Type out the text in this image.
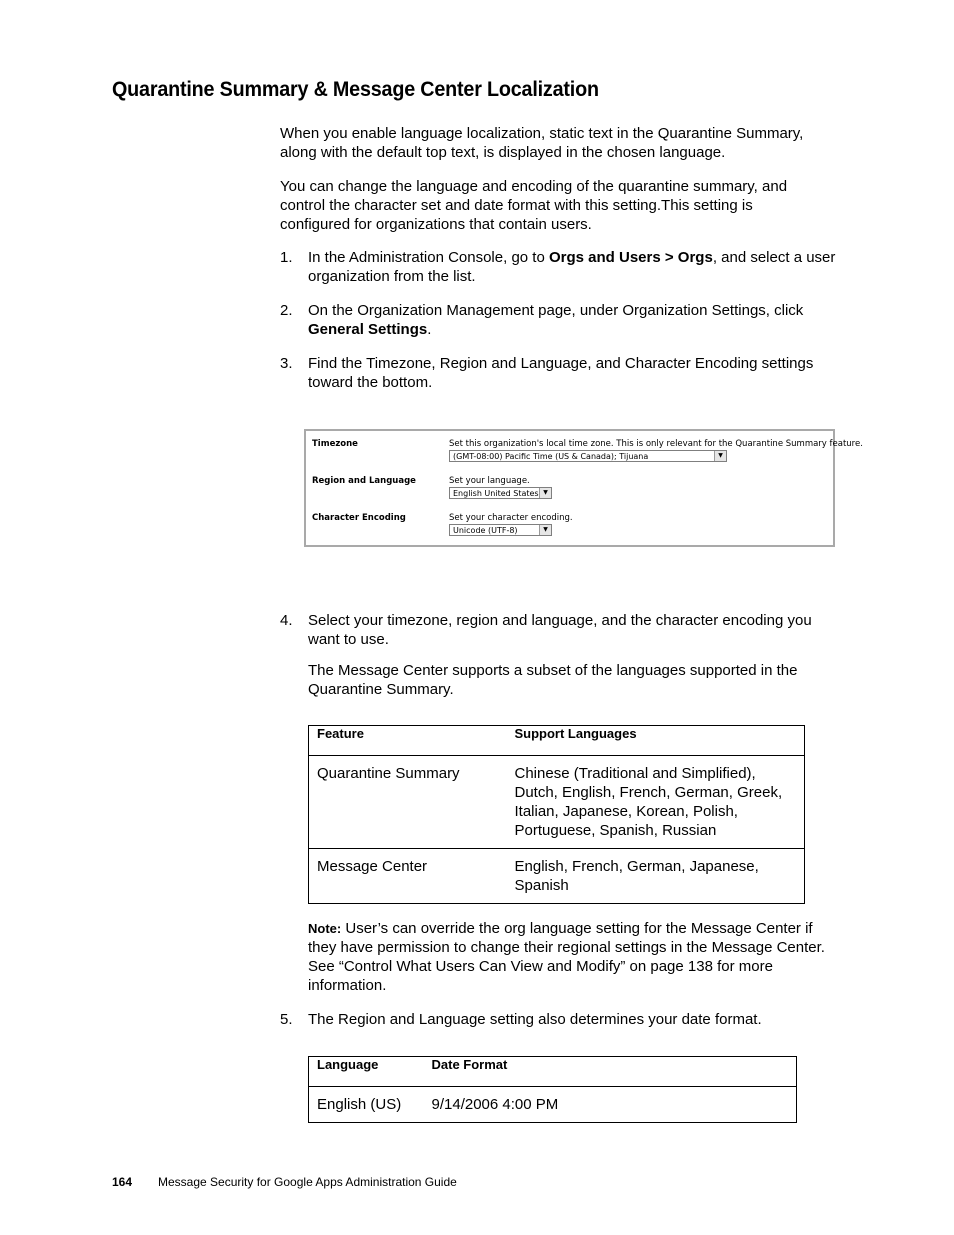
Quarantine Summary & Message Center Localization

When you enable language localization, static text in the Quarantine Summary, along with the default top text, is displayed in the chosen language.

You can change the language and encoding of the quarantine summary, and control the character set and date format with this setting.This setting is configured for organizations that contain users.

1. In the Administration Console, go to Orgs and Users > Orgs, and select a user organization from the list.
2. On the Organization Management page, under Organization Settings, click General Settings.
3. Find the Timezone, Region and Language, and Character Encoding settings toward the bottom.
Timezone	Set this organization's local time zone. This is only relevant for the Quarantine Summary feature.
(GMT-08:00) Pacific Time (US & Canada); Tijuana	▼
Region and Language	Set your language.
English United States ▼
Character Encoding	Set your character encoding.
Unicode (UTF-8)	▼
4. Select your timezone, region and language, and the character encoding you want to use.

The Message Center supports a subset of the languages supported in the Quarantine Summary.

Feature	Support Languages
Quarantine Summary	Chinese (Traditional and Simplified), Dutch, English, French, German, Greek, Italian, Japanese, Korean, Polish, Portuguese, Spanish, Russian
Message Center	English, French, German, Japanese, Spanish
Note: User’s can override the org language setting for the Message Center if they have permission to change their regional settings in the Message Center. See “Control What Users Can View and Modify” on page 138 for more information.
5. The Region and Language setting also determines your date format.
Language	Date Format
English (US)	9/14/2006 4:00 PM
164 Message Security for Google Apps Administration Guide
